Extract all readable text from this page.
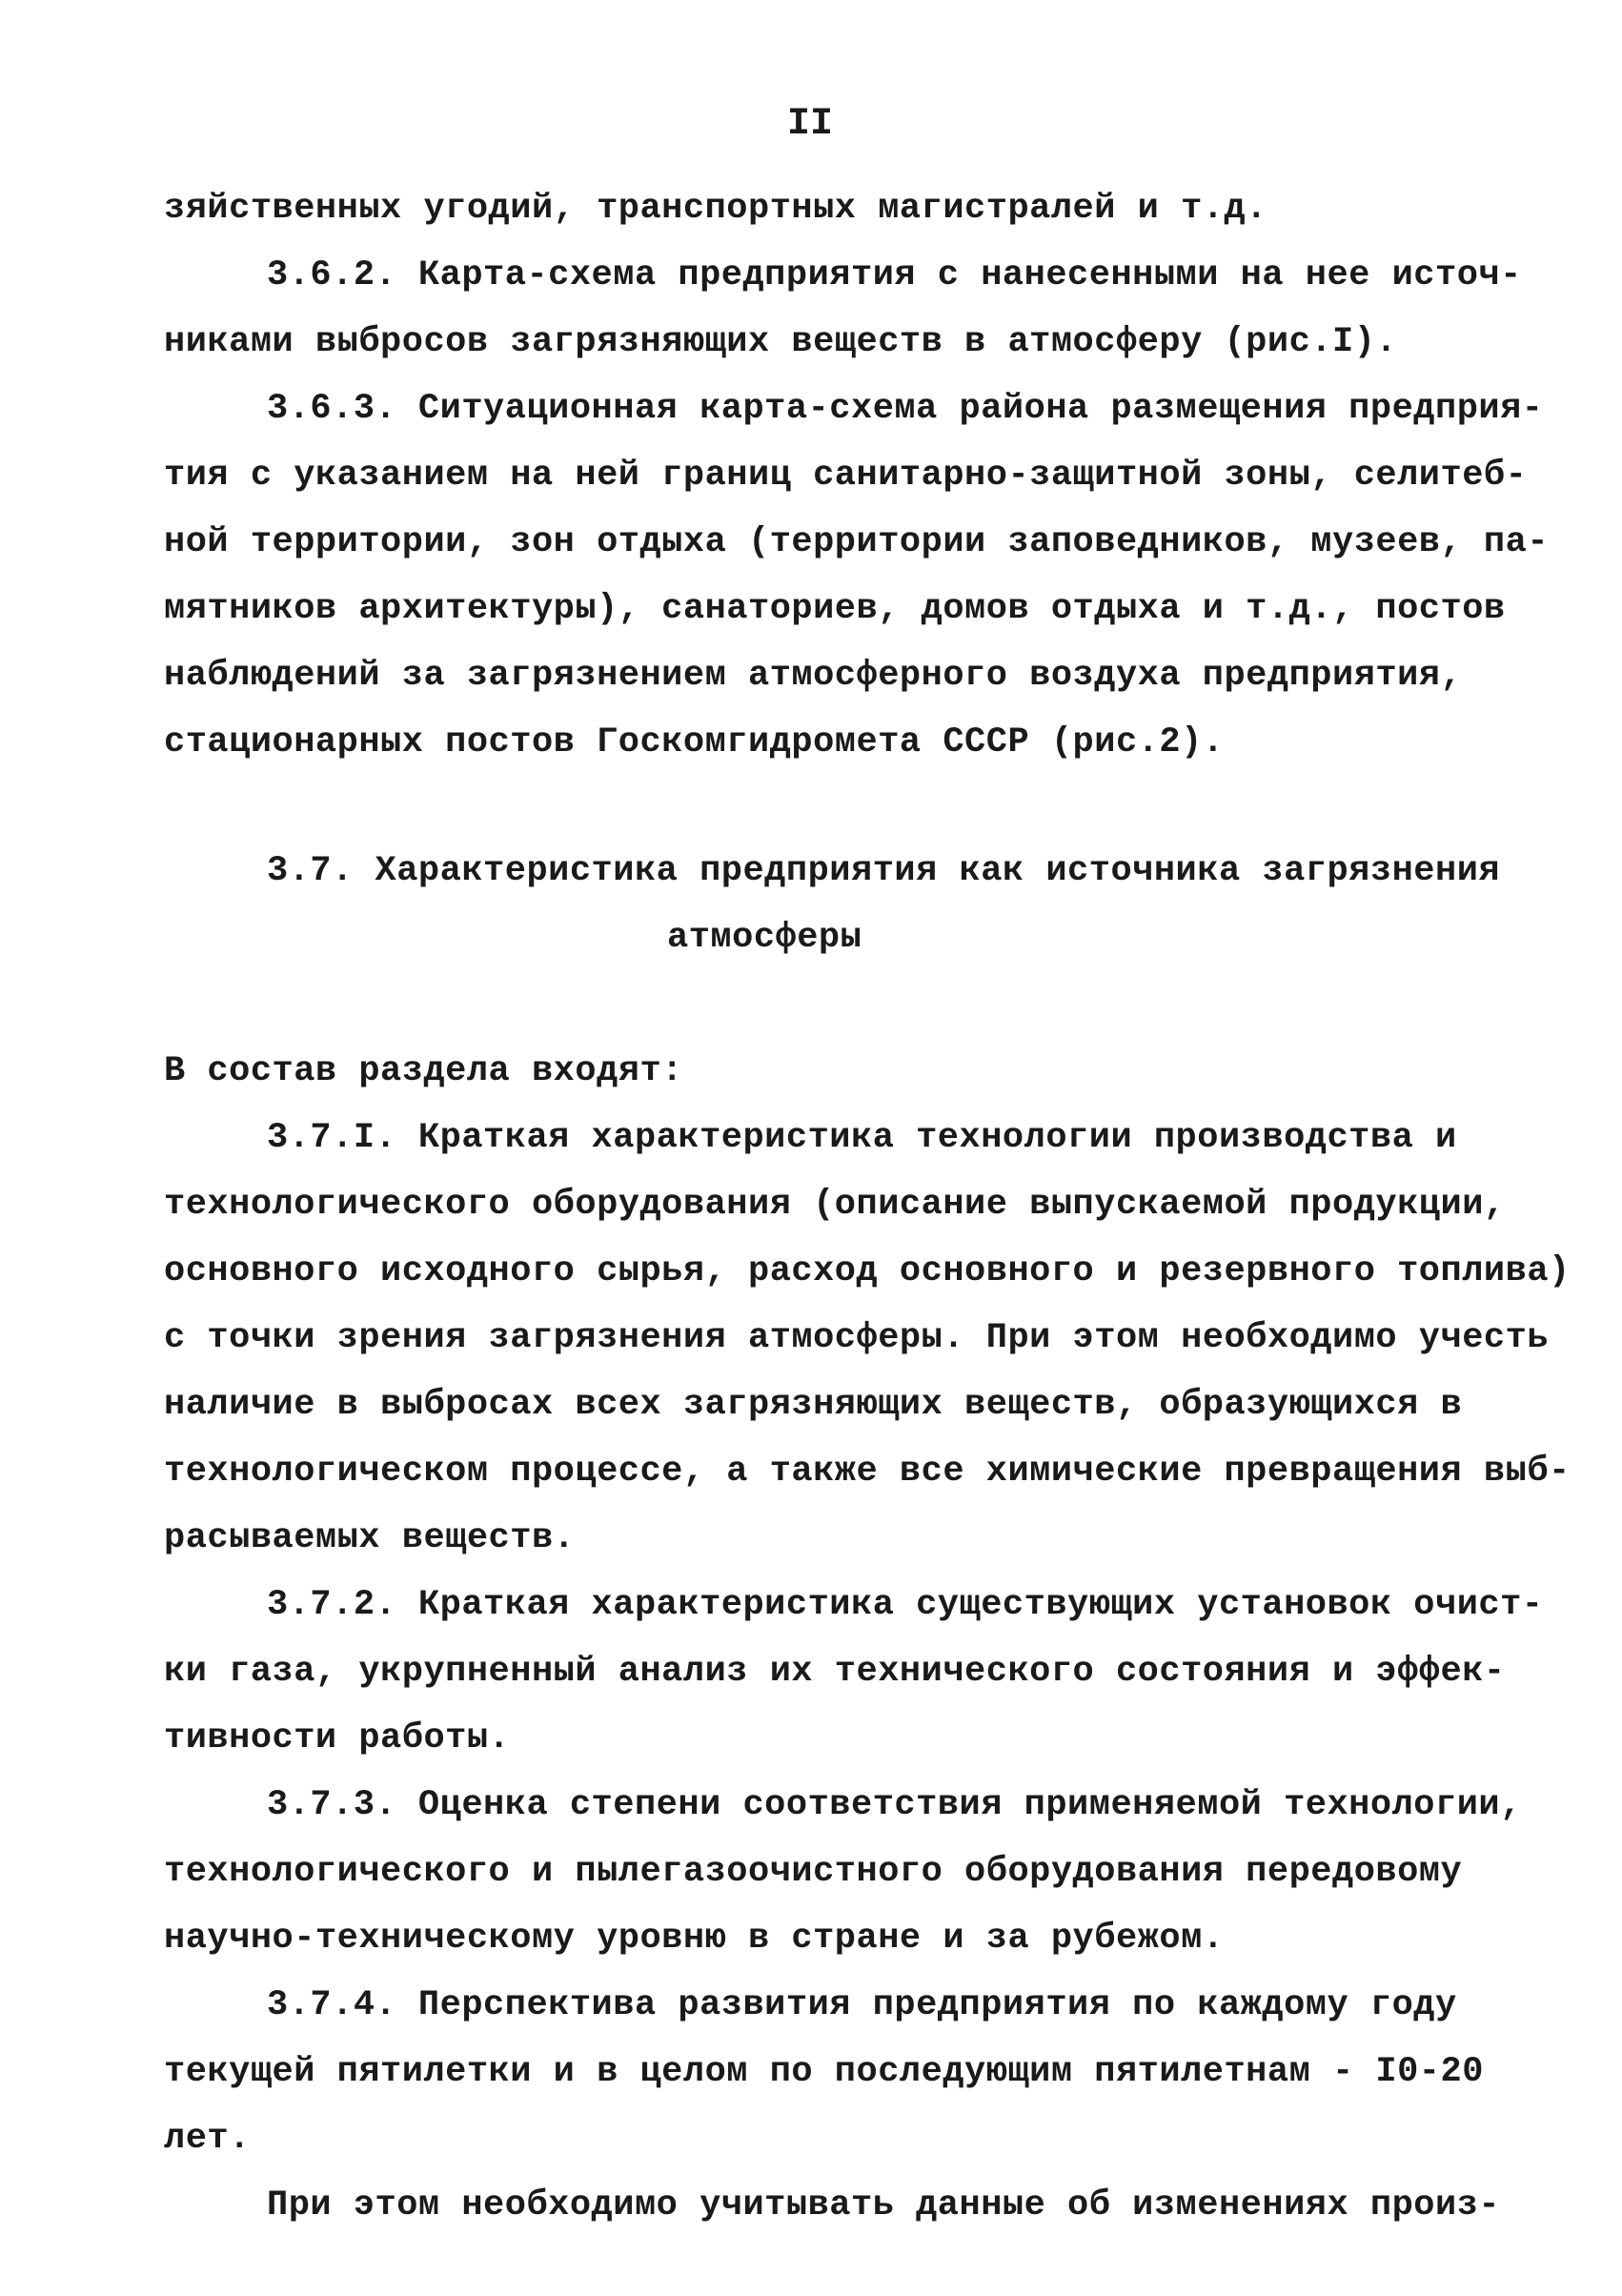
II
зяйственных угодий, транспортных магистралей и т.д.
3.6.2. Карта-схема предприятия с нанесенными на нее источ-
никами выбросов загрязняющих веществ в атмосферу (рис.I).
3.6.3. Ситуационная карта-схема района размещения предприя-
тия с указанием на ней границ санитарно-защитной зоны, селитеб-
ной территории, зон отдыха (территории заповедников, музеев, па-
мятников архитектуры), санаториев, домов отдыха и т.д., постов
наблюдений за загрязнением атмосферного воздуха предприятия,
стационарных постов Госкомгидромета СССР (рис.2).
3.7. Характеристика предприятия как источника загрязнения
атмосферы
В состав раздела входят:
3.7.I. Краткая характеристика технологии производства и
технологического оборудования (описание выпускаемой продукции,
основного исходного сырья, расход основного и резервного топлива)
с точки зрения загрязнения атмосферы. При этом необходимо учесть
наличие в выбросах всех загрязняющих веществ, образующихся в
технологическом процессе, а также все химические превращения выб-
расываемых веществ.
3.7.2. Краткая характеристика существующих установок очист-
ки газа, укрупненный анализ их технического состояния и эффек-
тивности работы.
3.7.3. Оценка степени соответствия применяемой технологии,
технологического и пылегазоочистного оборудования передовому
научно-техническому уровню в стране и за рубежом.
3.7.4. Перспектива развития предприятия по каждому году
текущей пятилетки и в целом по последующим пятилетнам - I0-20
лет.
При этом необходимо учитывать данные об изменениях произ-
